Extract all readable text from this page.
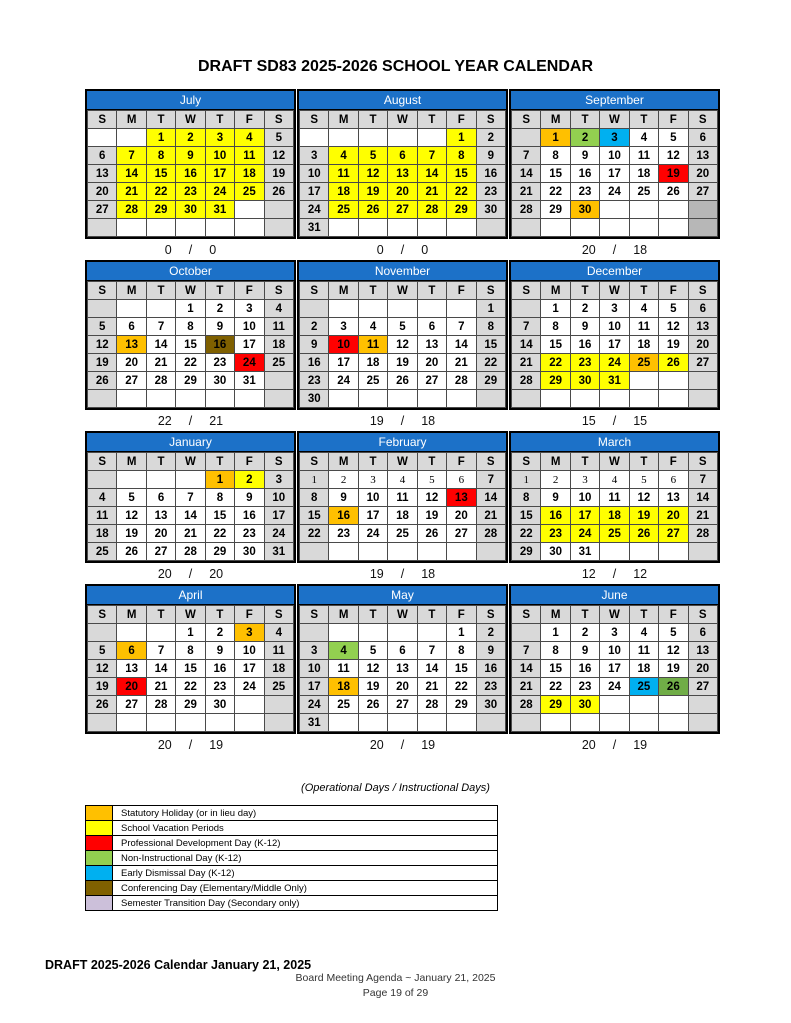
DRAFT SD83 2025-2026 SCHOOL YEAR CALENDAR
July
S	M	T	W	T	F	S
		1	2	3	4	5
6	7	8	9	10	11	12
13	14	15	16	17	18	19
20	21	22	23	24	25	26
27	28	29	30	31		

0 / 0
August
S	M	T	W	T	F	S
					1	2
3	4	5	6	7	8	9
10	11	12	13	14	15	16
17	18	19	20	21	22	23
24	25	26	27	28	29	30
31						
0 / 0
September
S	M	T	W	T	F	S
	1	2	3	4	5	6
7	8	9	10	11	12	13
14	15	16	17	18	19	20
21	22	23	24	25	26	27
28	29	30				

20 / 18
October
S	M	T	W	T	F	S
			1	2	3	4
5	6	7	8	9	10	11
12	13	14	15	16	17	18
19	20	21	22	23	24	25
26	27	28	29	30	31	

22 / 21
November
S	M	T	W	T	F	S
						1
2	3	4	5	6	7	8
9	10	11	12	13	14	15
16	17	18	19	20	21	22
23	24	25	26	27	28	29
30						
19 / 18
December
S	M	T	W	T	F	S
	1	2	3	4	5	6
7	8	9	10	11	12	13
14	15	16	17	18	19	20
21	22	23	24	25	26	27
28	29	30	31			

15 / 15
January
S	M	T	W	T	F	S
				1	2	3
4	5	6	7	8	9	10
11	12	13	14	15	16	17
18	19	20	21	22	23	24
25	26	27	28	29	30	31
20 / 20
February
S	M	T	W	T	F	S
1	2	3	4	5	6	7
8	9	10	11	12	13	14
15	16	17	18	19	20	21
22	23	24	25	26	27	28

19 / 18
March
S	M	T	W	T	F	S
1	2	3	4	5	6	7
8	9	10	11	12	13	14
15	16	17	18	19	20	21
22	23	24	25	26	27	28
29	30	31				
12 / 12
April
S	M	T	W	T	F	S
			1	2	3	4
5	6	7	8	9	10	11
12	13	14	15	16	17	18
19	20	21	22	23	24	25
26	27	28	29	30		

20 / 19
May
S	M	T	W	T	F	S
					1	2
3	4	5	6	7	8	9
10	11	12	13	14	15	16
17	18	19	20	21	22	23
24	25	26	27	28	29	30
31						
20 / 19
June
S	M	T	W	T	F	S
	1	2	3	4	5	6
7	8	9	10	11	12	13
14	15	16	17	18	19	20
21	22	23	24	25	26	27
28	29	30				

20 / 19
(Operational Days / Instructional Days)
	Statutory Holiday (or in lieu day)
	School Vacation Periods
	Professional Development Day (K-12)
	Non-Instructional Day (K-12)
	Early Dismissal Day (K-12)
	Conferencing Day (Elementary/Middle Only)
	Semester Transition Day (Secondary only)
DRAFT 2025-2026 Calendar January 21, 2025
Board Meeting Agenda ~ January 21, 2025
Page 19 of 29
